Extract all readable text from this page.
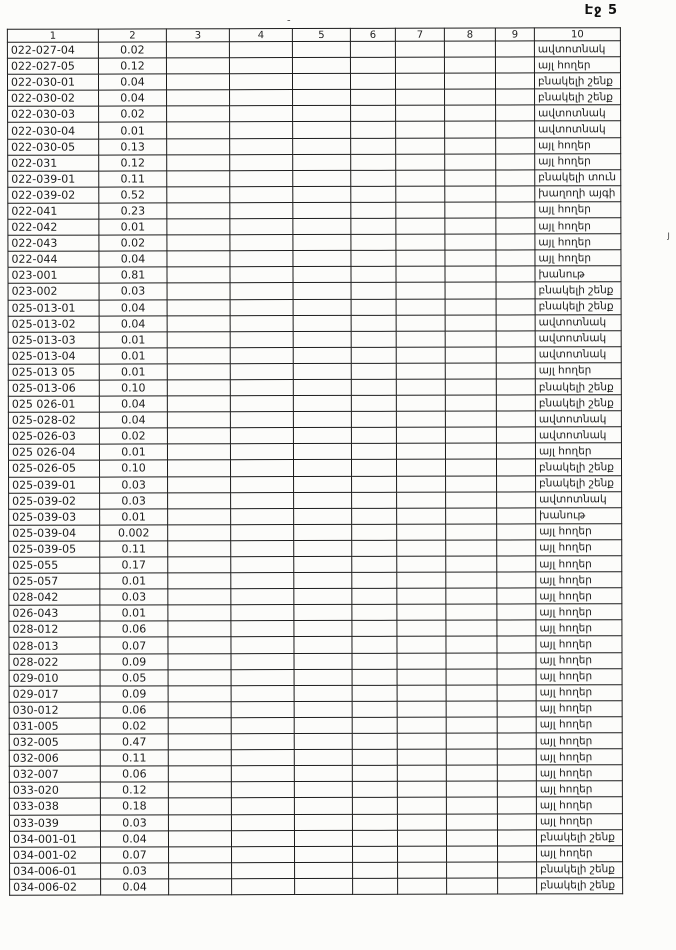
Էջ 5
֊
յ
1	2	3	4	5	6	7	8	9	10
022-027-04	0.02								ավտոտնակ
022-027-05	0.12								այլ հողեր
022-030-01	0.04								բնակելի շենք
022-030-02	0.04								բնակելի շենք
022-030-03	0.02								ավտոտնակ
022-030-04	0.01								ավտոտնակ
022-030-05	0.13								այլ հողեր
022-031	0.12								այլ հողեր
022-039-01	0.11								բնակելի տուն
022-039-02	0.52								խաղողի այգի
022-041	0.23								այլ հողեր
022-042	0.01								այլ հողեր
022-043	0.02								այլ հողեր
022-044	0.04								այլ հողեր
023-001	0.81								խանութ
023-002	0.03								բնակելի շենք
025-013-01	0.04								բնակելի շենք
025-013-02	0.04								ավտոտնակ
025-013-03	0.01								ավտոտնակ
025-013-04	0.01								ավտոտնակ
025-013 05	0.01								այլ հողեր
025-013-06	0.10								բնակելի շենք
025 026-01	0.04								բնակելի շենք
025-028-02	0.04								ավտոտնակ
025-026-03	0.02								ավտոտնակ
025 026-04	0.01								այլ հողեր
025-026-05	0.10								բնակելի շենք
025-039-01	0.03								բնակելի շենք
025-039-02	0.03								ավտոտնակ
025-039-03	0.01								խանութ
025-039-04	0.002								այլ հողեր
025-039-05	0.11								այլ հողեր
025-055	0.17								այլ հողեր
025-057	0.01								այլ հողեր
028-042	0.03								այլ հողեր
026-043	0.01								այլ հողեր
028-012	0.06								այլ հողեր
028-013	0.07								այլ հողեր
028-022	0.09								այլ հողեր
029-010	0.05								այլ հողեր
029-017	0.09								այլ հողեր
030-012	0.06								այլ հողեր
031-005	0.02								այլ հողեր
032-005	0.47								այլ հողեր
032-006	0.11								այլ հողեր
032-007	0.06								այլ հողեր
033-020	0.12								այլ հողեր
033-038	0.18								այլ հողեր
033-039	0.03								այլ հողեր
034-001-01	0.04								բնակելի շենք
034-001-02	0.07								այլ հողեր
034-006-01	0.03								բնակելի շենք
034-006-02	0.04								բնակելի շենք
